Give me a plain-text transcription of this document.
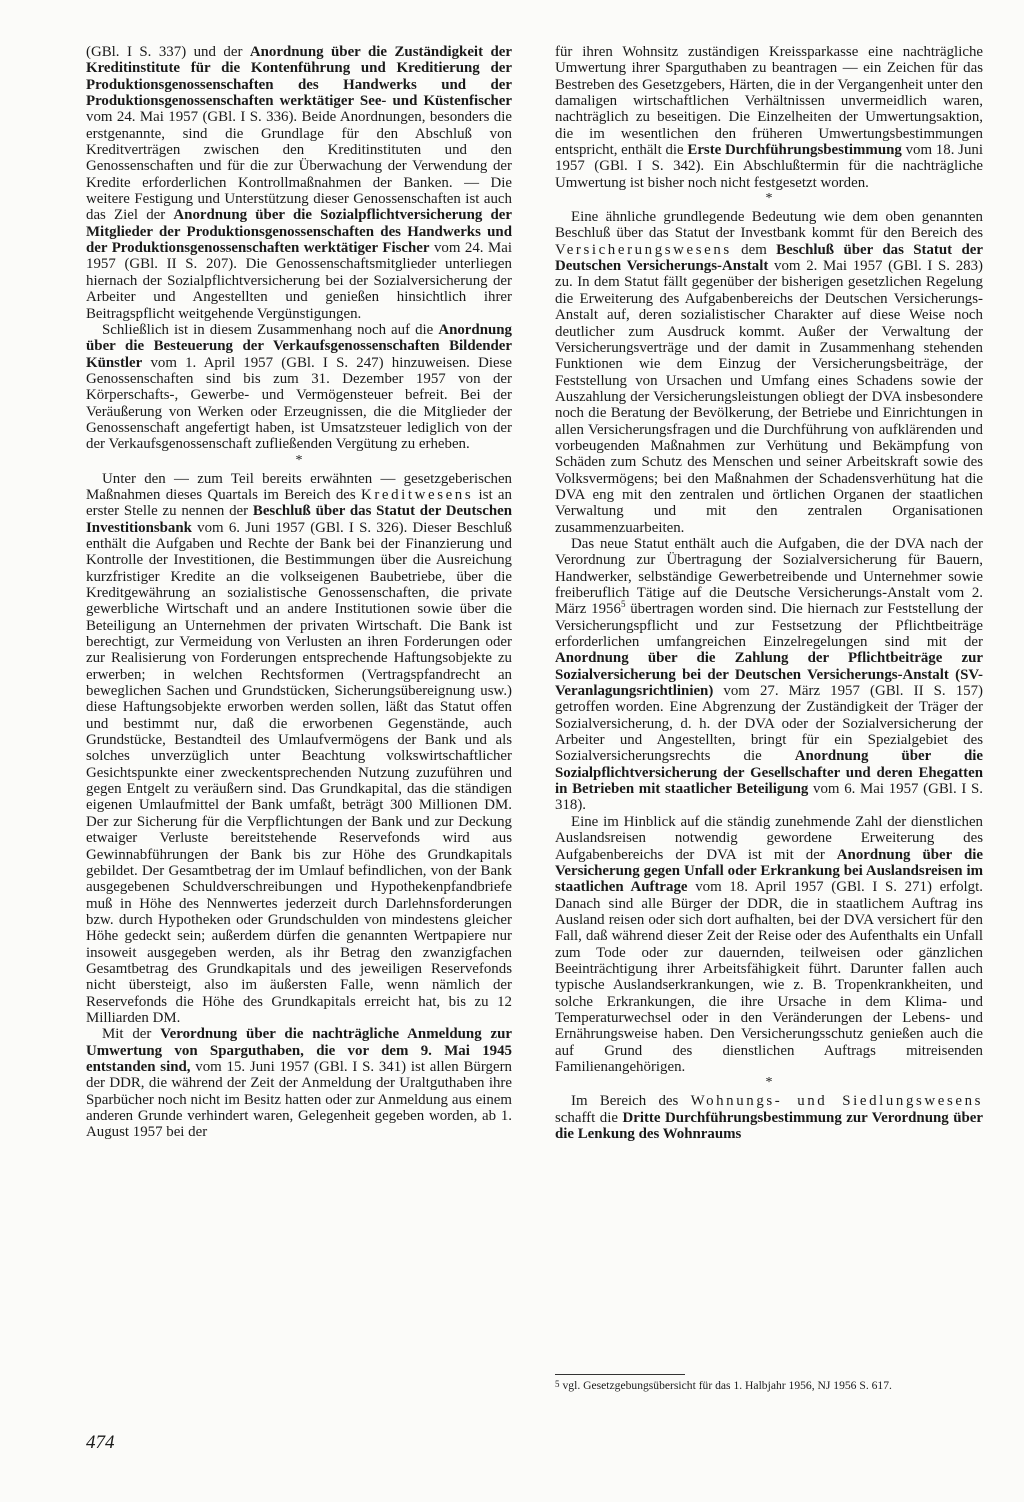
(GBl. I S. 337) und der Anordnung über die Zuständigkeit der Kreditinstitute für die Kontenführung und Kreditierung der Produktionsgenossenschaften des Handwerks und der Produktionsgenossenschaften werktätiger See- und Küstenfischer vom 24. Mai 1957 (GBl. I S. 336). Beide Anordnungen, besonders die erstgenannte, sind die Grundlage für den Abschluß von Kreditverträgen zwischen den Kreditinstituten und den Genossenschaften und für die zur Überwachung der Verwendung der Kredite erforderlichen Kontrollmaßnahmen der Banken. — Die weitere Festigung und Unterstützung dieser Genossenschaften ist auch das Ziel der Anordnung über die Sozialpflichtversicherung der Mitglieder der Produktionsgenossenschaften des Handwerks und der Produktionsgenossenschaften werktätiger Fischer vom 24. Mai 1957 (GBl. II S. 207). Die Genossenschaftsmitglieder unterliegen hiernach der Sozialpflichtversicherung bei der Sozialversicherung der Arbeiter und Angestellten und genießen hinsichtlich ihrer Beitragspflicht weitgehende Vergünstigungen.

Schließlich ist in diesem Zusammenhang noch auf die Anordnung über die Besteuerung der Verkaufsgenossenschaften Bildender Künstler vom 1. April 1957 (GBl. I S. 247) hinzuweisen. Diese Genossenschaften sind bis zum 31. Dezember 1957 von der Körperschafts-, Gewerbe- und Vermögensteuer befreit. Bei der Veräußerung von Werken oder Erzeugnissen, die die Mitglieder der Genossenschaft angefertigt haben, ist Umsatzsteuer lediglich von der der Verkaufsgenossenschaft zufließenden Vergütung zu erheben.

*

Unter den — zum Teil bereits erwähnten — gesetzgeberischen Maßnahmen dieses Quartals im Bereich des Kreditwesens ist an erster Stelle zu nennen der Beschluß über das Statut der Deutschen Investitionsbank vom 6. Juni 1957 (GBl. I S. 326). Dieser Beschluß enthält die Aufgaben und Rechte der Bank bei der Finanzierung und Kontrolle der Investitionen, die Bestimmungen über die Ausreichung kurzfristiger Kredite an die volkseigenen Baubetriebe, über die Kreditgewährung an sozialistische Genossenschaften, die private gewerbliche Wirtschaft und an andere Institutionen sowie über die Beteiligung an Unternehmen der privaten Wirtschaft. Die Bank ist berechtigt, zur Vermeidung von Verlusten an ihren Forderungen oder zur Realisierung von Forderungen entsprechende Haftungsobjekte zu erwerben; in welchen Rechtsformen (Vertragspfandrecht an beweglichen Sachen und Grundstücken, Sicherungsübereignung usw.) diese Haftungsobjekte erworben werden sollen, läßt das Statut offen und bestimmt nur, daß die erworbenen Gegenstände, auch Grundstücke, Bestandteil des Umlaufvermögens der Bank und als solches unverzüglich unter Beachtung volkswirtschaftlicher Gesichtspunkte einer zweckentsprechenden Nutzung zuzuführen und gegen Entgelt zu veräußern sind. Das Grundkapital, das die ständigen eigenen Umlaufmittel der Bank umfaßt, beträgt 300 Millionen DM. Der zur Sicherung für die Verpflichtungen der Bank und zur Deckung etwaiger Verluste bereitstehende Reservefonds wird aus Gewinnabführungen der Bank bis zur Höhe des Grundkapitals gebildet. Der Gesamtbetrag der im Umlauf befindlichen, von der Bank ausgegebenen Schuldverschreibungen und Hypothekenpfandbriefe muß in Höhe des Nennwertes jederzeit durch Darlehnsforderungen bzw. durch Hypotheken oder Grundschulden von mindestens gleicher Höhe gedeckt sein; außerdem dürfen die genannten Wertpapiere nur insoweit ausgegeben werden, als ihr Betrag den zwanzigfachen Gesamtbetrag des Grundkapitals und des jeweiligen Reservefonds nicht übersteigt, also im äußersten Falle, wenn nämlich der Reservefonds die Höhe des Grundkapitals erreicht hat, bis zu 12 Milliarden DM.

Mit der Verordnung über die nachträgliche Anmeldung zur Umwertung von Sparguthaben, die vor dem 9. Mai 1945 entstanden sind, vom 15. Juni 1957 (GBl. I S. 341) ist allen Bürgern der DDR, die während der Zeit der Anmeldung der Uraltguthaben ihre Sparbücher noch nicht im Besitz hatten oder zur Anmeldung aus einem anderen Grunde verhindert waren, Gelegenheit gegeben worden, ab 1. August 1957 bei der

für ihren Wohnsitz zuständigen Kreissparkasse eine nachträgliche Umwertung ihrer Sparguthaben zu beantragen — ein Zeichen für das Bestreben des Gesetzgebers, Härten, die in der Vergangenheit unter den damaligen wirtschaftlichen Verhältnissen unvermeidlich waren, nachträglich zu beseitigen. Die Einzelheiten der Umwertungsaktion, die im wesentlichen den früheren Umwertungsbestimmungen entspricht, enthält die Erste Durchführungsbestimmung vom 18. Juni 1957 (GBl. I S. 342). Ein Abschlußtermin für die nachträgliche Umwertung ist bisher noch nicht festgesetzt worden.

*

Eine ähnliche grundlegende Bedeutung wie dem oben genannten Beschluß über das Statut der Investbank kommt für den Bereich des Versicherungswesens dem Beschluß über das Statut der Deutschen Versicherungs-Anstalt vom 2. Mai 1957 (GBl. I S. 283) zu. In dem Statut fällt gegenüber der bisherigen gesetzlichen Regelung die Erweiterung des Aufgabenbereichs der Deutschen Versicherungs-Anstalt auf, deren sozialistischer Charakter auf diese Weise noch deutlicher zum Ausdruck kommt. Außer der Verwaltung der Versicherungsverträge und der damit in Zusammenhang stehenden Funktionen wie dem Einzug der Versicherungsbeiträge, der Feststellung von Ursachen und Umfang eines Schadens sowie der Auszahlung der Versicherungsleistungen obliegt der DVA insbesondere noch die Beratung der Bevölkerung, der Betriebe und Einrichtungen in allen Versicherungsfragen und die Durchführung von aufklärenden und vorbeugenden Maßnahmen zur Verhütung und Bekämpfung von Schäden zum Schutz des Menschen und seiner Arbeitskraft sowie des Volksvermögens; bei den Maßnahmen der Schadensverhütung hat die DVA eng mit den zentralen und örtlichen Organen der staatlichen Verwaltung und mit den zentralen Organisationen zusammenzuarbeiten.

Das neue Statut enthält auch die Aufgaben, die der DVA nach der Verordnung zur Übertragung der Sozialversicherung für Bauern, Handwerker, selbständige Gewerbetreibende und Unternehmer sowie freiberuflich Tätige auf die Deutsche Versicherungs-Anstalt vom 2. März 1956$^5$ übertragen worden sind. Die hiernach zur Feststellung der Versicherungspflicht und zur Festsetzung der Pflichtbeiträge erforderlichen umfangreichen Einzelregelungen sind mit der Anordnung über die Zahlung der Pflichtbeiträge zur Sozialversicherung bei der Deutschen Versicherungs-Anstalt (SV-Veranlagungsrichtlinien) vom 27. März 1957 (GBl. II S. 157) getroffen worden. Eine Abgrenzung der Zuständigkeit der Träger der Sozialversicherung, d. h. der DVA oder der Sozialversicherung der Arbeiter und Angestellten, bringt für ein Spezialgebiet des Sozialversicherungsrechts die Anordnung über die Sozialpflichtversicherung der Gesellschafter und deren Ehegatten in Betrieben mit staatlicher Beteiligung vom 6. Mai 1957 (GBl. I S. 318).

Eine im Hinblick auf die ständig zunehmende Zahl der dienstlichen Auslandsreisen notwendig gewordene Erweiterung des Aufgabenbereichs der DVA ist mit der Anordnung über die Versicherung gegen Unfall oder Erkrankung bei Auslandsreisen im staatlichen Auftrage vom 18. April 1957 (GBl. I S. 271) erfolgt. Danach sind alle Bürger der DDR, die in staatlichem Auftrag ins Ausland reisen oder sich dort aufhalten, bei der DVA versichert für den Fall, daß während dieser Zeit der Reise oder des Aufenthalts ein Unfall zum Tode oder zur dauernden, teilweisen oder gänzlichen Beeinträchtigung ihrer Arbeitsfähigkeit führt. Darunter fallen auch typische Auslandserkrankungen, wie z. B. Tropenkrankheiten, und solche Erkrankungen, die ihre Ursache in dem Klima- und Temperaturwechsel oder in den Veränderungen der Lebens- und Ernährungsweise haben. Den Versicherungsschutz genießen auch die auf Grund des dienstlichen Auftrags mitreisenden Familienangehörigen.

*

Im Bereich des Wohnungs- und Siedlungswesens schafft die Dritte Durchführungsbestimmung zur Verordnung über die Lenkung des Wohnraums

5 vgl. Gesetzgebungsübersicht für das 1. Halbjahr 1956, NJ 1956 S. 617.
474
